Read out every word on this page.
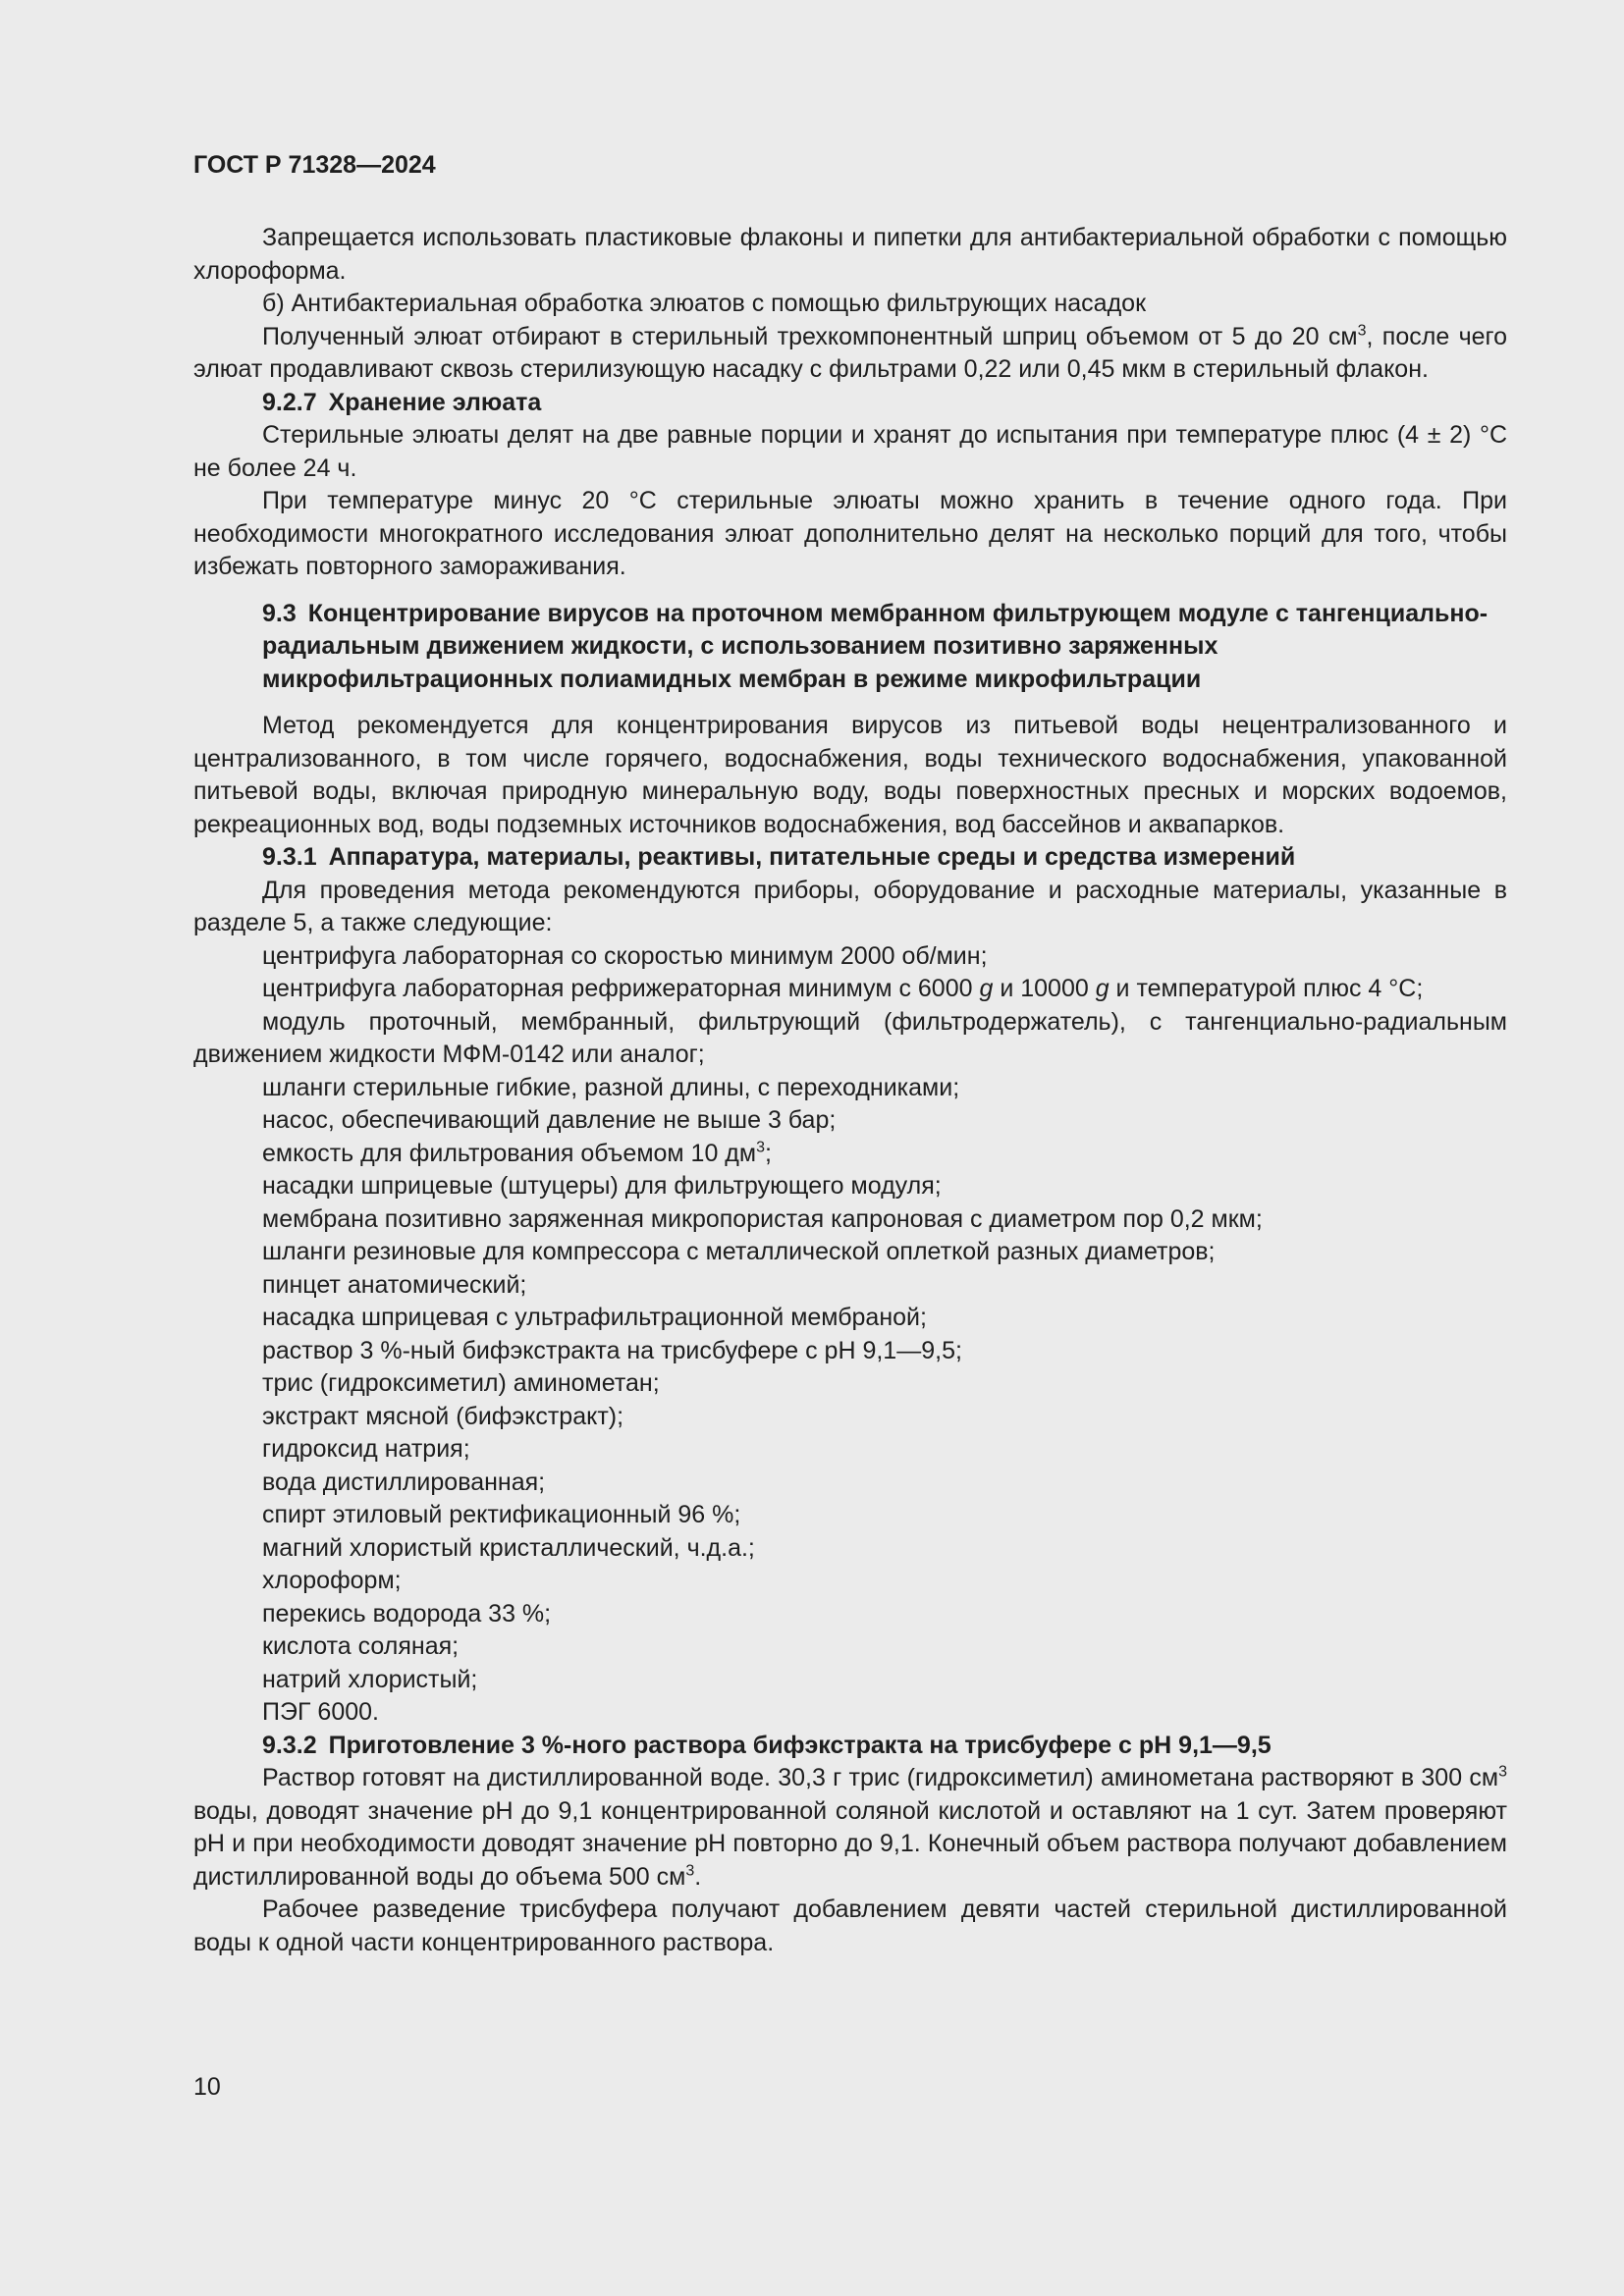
ГОСТ Р 71328—2024

Запрещается использовать пластиковые флаконы и пипетки для антибактериальной обработки с помощью хлороформа.

б) Антибактериальная обработка элюатов с помощью фильтрующих насадок

Полученный элюат отбирают в стерильный трехкомпонентный шприц объемом от 5 до 20 $см^3$, после чего элюат продавливают сквозь стерилизующую насадку с фильтрами 0,22 или 0,45 мкм в стерильный флакон.

9.2.7 Хранение элюата

Стерильные элюаты делят на две равные порции и хранят до испытания при температуре плюс (4 ± 2) °С не более 24 ч.

При температуре минус 20 °С стерильные элюаты можно хранить в течение одного года. При необходимости многократного исследования элюат дополнительно делят на несколько порций для того, чтобы избежать повторного замораживания.

9.3 Концентрирование вирусов на проточном мембранном фильтрующем модуле с тангенциально-радиальным движением жидкости, с использованием позитивно заряженных микрофильтрационных полиамидных мембран в режиме микрофильтрации

Метод рекомендуется для концентрирования вирусов из питьевой воды нецентрализованного и централизованного, в том числе горячего, водоснабжения, воды технического водоснабжения, упакованной питьевой воды, включая природную минеральную воду, воды поверхностных пресных и морских водоемов, рекреационных вод, воды подземных источников водоснабжения, вод бассейнов и аквапарков.

9.3.1 Аппаратура, материалы, реактивы, питательные среды и средства измерений

Для проведения метода рекомендуются приборы, оборудование и расходные материалы, указанные в разделе 5, а также следующие:

центрифуга лабораторная со скоростью минимум 2000 об/мин;

центрифуга лабораторная рефрижераторная минимум с 6000 g и 10000 g и температурой плюс 4 °С;

модуль проточный, мембранный, фильтрующий (фильтродержатель), с тангенциально-радиальным движением жидкости МФМ-0142 или аналог;

шланги стерильные гибкие, разной длины, с переходниками;

насос, обеспечивающий давление не выше 3 бар;

емкость для фильтрования объемом 10 $дм^3$;

насадки шприцевые (штуцеры) для фильтрующего модуля;

мембрана позитивно заряженная микропористая капроновая с диаметром пор 0,2 мкм;

шланги резиновые для компрессора с металлической оплеткой разных диаметров;

пинцет анатомический;

насадка шприцевая с ультрафильтрационной мембраной;

раствор 3 %-ный бифэкстракта на трисбуфере с рН 9,1—9,5;

трис (гидроксиметил) аминометан;

экстракт мясной (бифэкстракт);

гидроксид натрия;

вода дистиллированная;

спирт этиловый ректификационный 96 %;

магний хлористый кристаллический, ч.д.а.;

хлороформ;

перекись водорода 33 %;

кислота соляная;

натрий хлористый;

ПЭГ 6000.

9.3.2 Приготовление 3 %-ного раствора бифэкстракта на трисбуфере с рН 9,1—9,5

Раствор готовят на дистиллированной воде. 30,3 г трис (гидроксиметил) аминометана растворяют в 300 $см^3$ воды, доводят значение рН до 9,1 концентрированной соляной кислотой и оставляют на 1 сут. Затем проверяют рН и при необходимости доводят значение рН повторно до 9,1. Конечный объем раствора получают добавлением дистиллированной воды до объема 500 $см^3$.

Рабочее разведение трисбуфера получают добавлением девяти частей стерильной дистиллированной воды к одной части концентрированного раствора.

10
